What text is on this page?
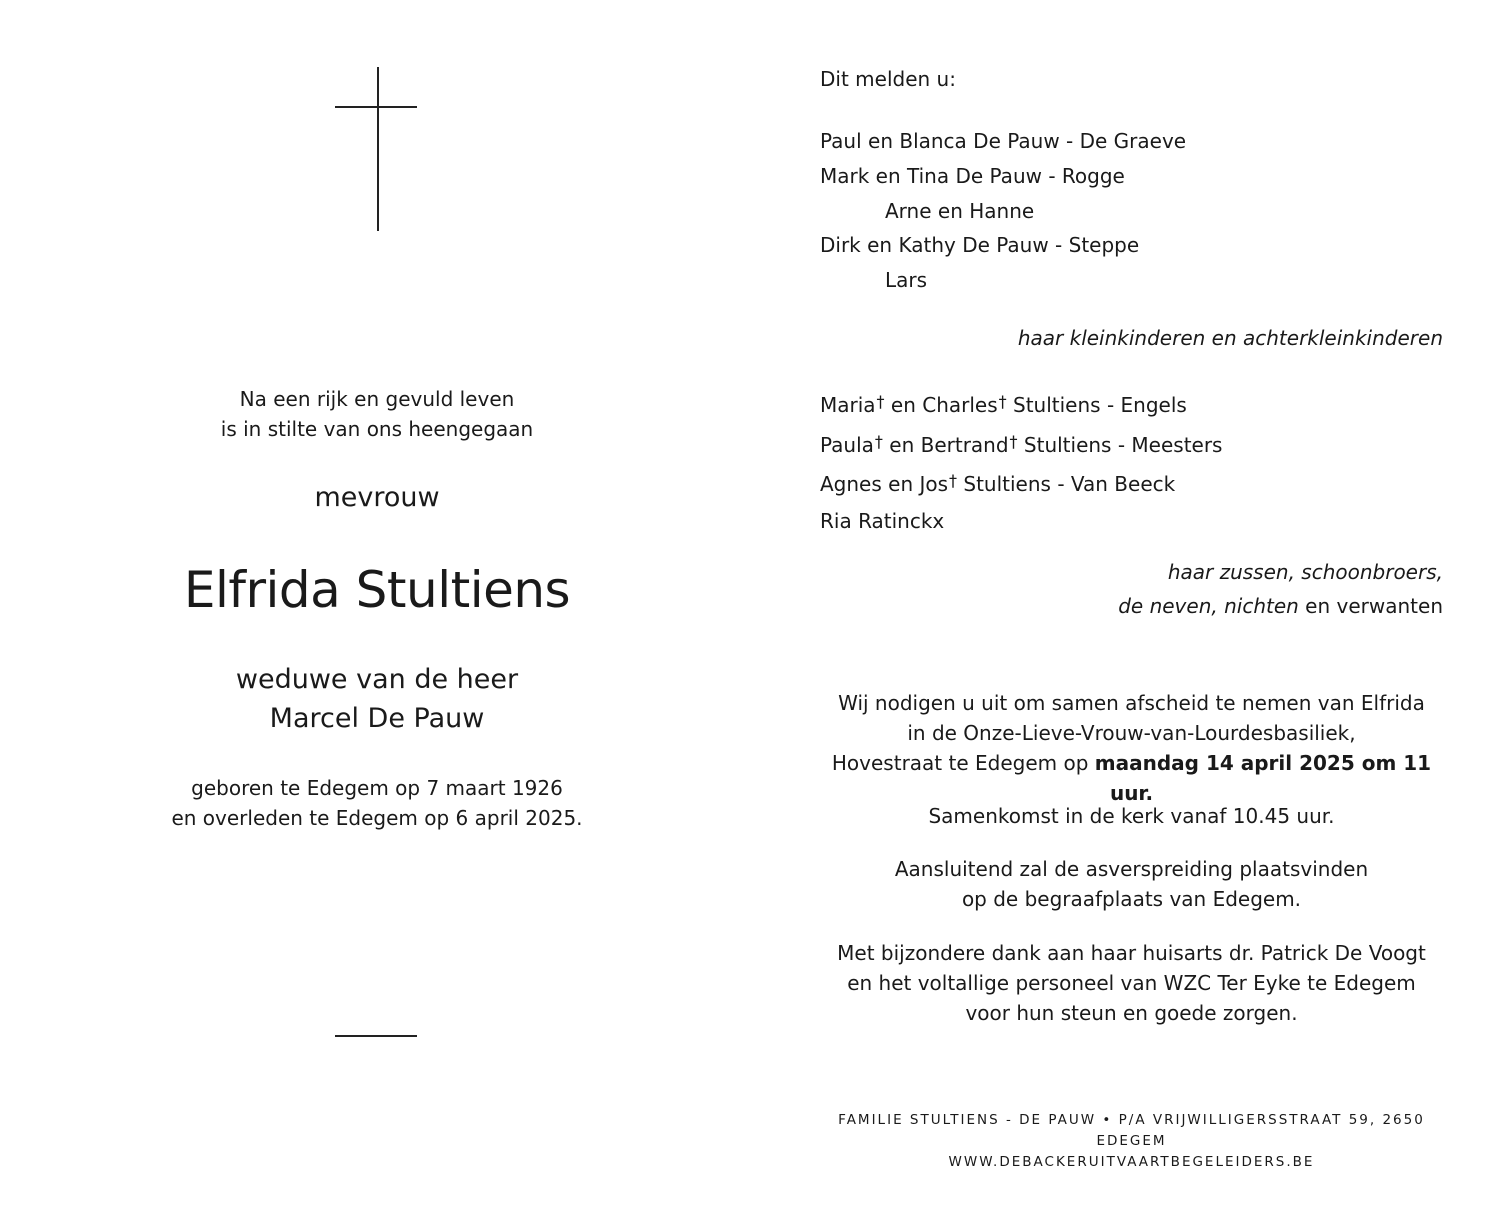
Na een rijk en gevuld leven
is in stilte van ons heengegaan
mevrouw
Elfrida Stultiens
weduwe van de heer
Marcel De Pauw
geboren te Edegem op 7 maart 1926
en overleden te Edegem op 6 april 2025.
Dit melden u:
Paul en Blanca De Pauw - De Graeve
Mark en Tina De Pauw - Rogge
Arne en Hanne
Dirk en Kathy De Pauw - Steppe
Lars
haar kleinkinderen en achterkleinkinderen
Maria† en Charles† Stultiens - Engels
Paula† en Bertrand† Stultiens - Meesters
Agnes en Jos† Stultiens - Van Beeck
Ria Ratinckx
haar zussen, schoonbroers,
de neven, nichten en verwanten
Wij nodigen u uit om samen afscheid te nemen van Elfrida
in de Onze-Lieve-Vrouw-van-Lourdesbasiliek,
Hovestraat te Edegem op maandag 14 april 2025 om 11 uur.
Samenkomst in de kerk vanaf 10.45 uur.
Aansluitend zal de asverspreiding plaatsvinden
op de begraafplaats van Edegem.
Met bijzondere dank aan haar huisarts dr. Patrick De Voogt
en het voltallige personeel van WZC Ter Eyke te Edegem
voor hun steun en goede zorgen.
FAMILIE STULTIENS - DE PAUW • P/A VRIJWILLIGERSSTRAAT 59, 2650 EDEGEM
WWW.DEBACKERUITVAARTBEGELEIDERS.BE
